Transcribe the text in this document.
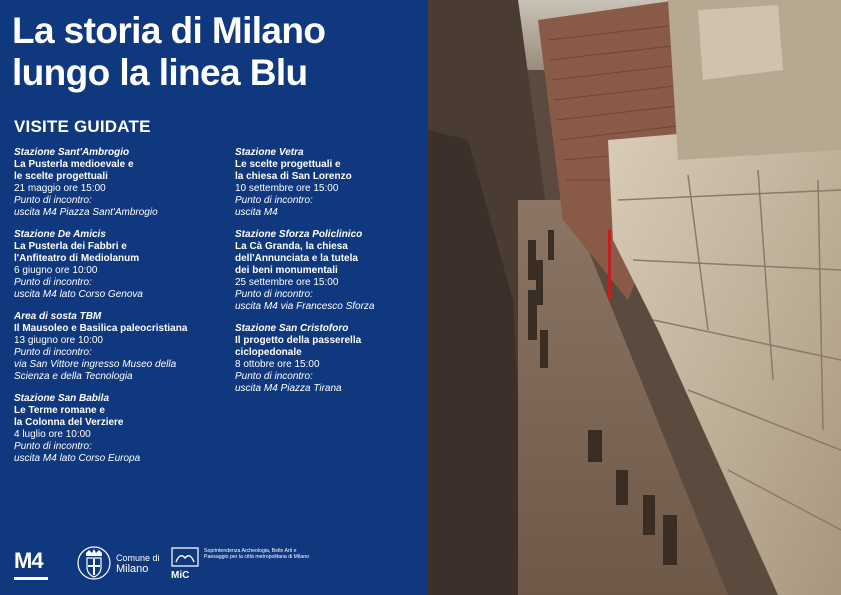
La storia di Milano
lungo la linea Blu
VISITE GUIDATE
Stazione Sant'Ambrogio
La Pusterla medioevale e
le scelte progettuali
21 maggio ore 15:00
Punto di incontro:
uscita M4 Piazza Sant'Ambrogio
Stazione De Amicis
La Pusterla dei Fabbri e
l'Anfiteatro di Mediolanum
6 giugno ore 10:00
Punto di incontro:
uscita M4 lato Corso Genova
Area di sosta TBM
Il Mausoleo e Basilica paleocristiana
13 giugno ore 10:00
Punto di incontro:
via San Vittore ingresso Museo della
Scienza e della Tecnologia
Stazione San Babila
Le Terme romane e
la Colonna del Verziere
4 luglio ore 10:00
Punto di incontro:
uscita M4 lato Corso Europa
Stazione Vetra
Le scelte progettuali e
la chiesa di San Lorenzo
10 settembre ore 15:00
Punto di incontro:
uscita M4
Stazione Sforza Policlinico
La Cà Granda, la chiesa
dell'Annunciata e la tutela
dei beni monumentali
25 settembre ore 15:00
Punto di incontro:
uscita M4 via Francesco Sforza
Stazione San Cristoforo
Il progetto della passerella
ciclopedonale
8 ottobre ore 15:00
Punto di incontro:
uscita M4 Piazza Tirana
M4	Comune di
Milano
MiC
Soprintendenza Archeologia, Belle Arti e Paesaggio per la città metropolitana di Milano
